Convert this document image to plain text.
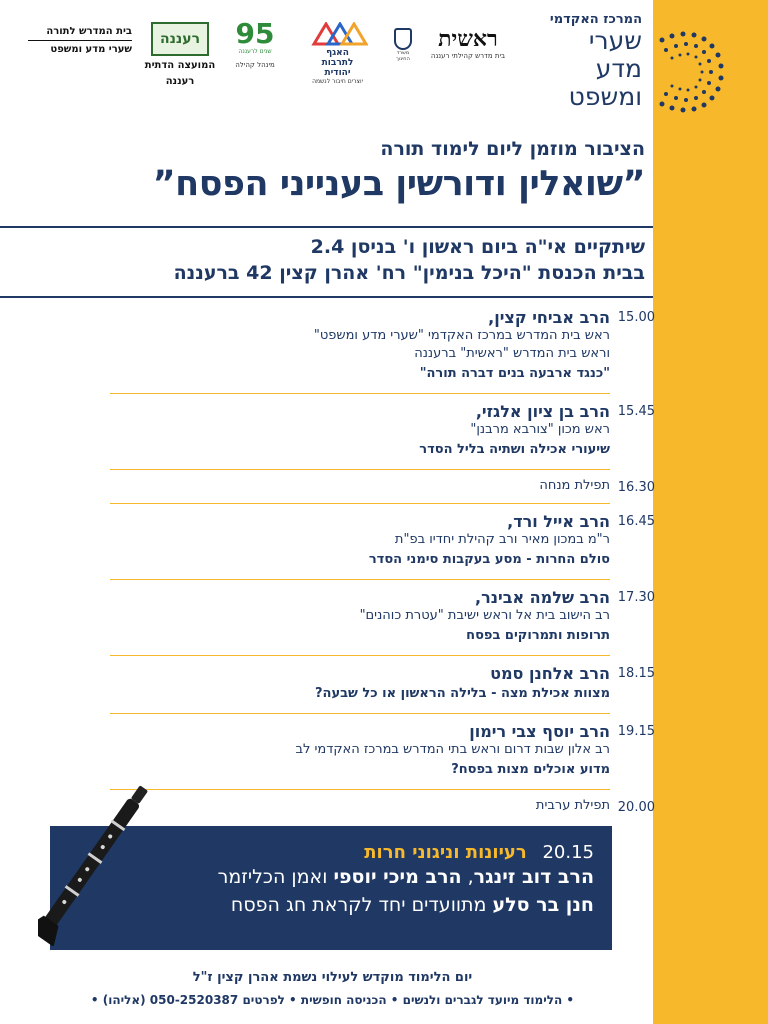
המרכז האקדמי
שערי
מדע
ומשפט
ראשית
בית מדרש קהילתי רעננה
משרד החינוך
האגף
לתרבות
יהודית
יוצרים חיבור לנשמה
95
שנים לרעננה
מינהל קהילה
רעננה
המועצה הדתית
רעננה
בית המדרש לתורה
שערי מדע ומשפט
הציבור מוזמן ליום לימוד תורה
”שואלין ודורשין בענייני הפסח”
שיתקיים אי"ה ביום ראשון ו' בניסן 2.4
בבית הכנסת "היכל בנימין" רח' אהרן קצין 42 ברעננה
15.00
הרב אביחי קצין,
ראש בית המדרש במרכז האקדמי "שערי מדע ומשפט"
וראש בית המדרש "ראשית" ברעננה
"כנגד ארבעה בנים דברה תורה"
15.45
הרב בן ציון אלגזי,
ראש מכון "צורבא מרבנן"
שיעורי אכילה ושתיה בליל הסדר
16.30
תפילת מנחה
16.45
הרב אייל ורד,
ר"מ במכון מאיר ורב קהילת יחדיו בפ"ת
סולם החרות - מסע בעקבות סימני הסדר
17.30
הרב שלמה אבינר,
רב הישוב בית אל וראש ישיבת "עטרת כוהנים"
תרופות ותמרוקים בפסח
18.15
הרב אלחנן סמט
מצוות אכילת מצה - בלילה הראשון או כל שבעה?
19.15
הרב יוסף צבי רימון
רב אלון שבות דרום וראש בתי המדרש במרכז האקדמי לב
מדוע אוכלים מצות בפסח?
20.00
תפילת ערבית
20.15 רעיונות וניגוני חרות
הרב דוב זינגר, הרב מיכי יוספי ואמן הכליזמר
חנן בר סלע מתוועדים יחד לקראת חג הפסח
יום הלימוד מוקדש לעילוי נשמת אהרן קצין ז"ל
• הלימוד מיועד לגברים ולנשים • הכניסה חופשית • לפרטים 050-2520387 (אליהו) •
